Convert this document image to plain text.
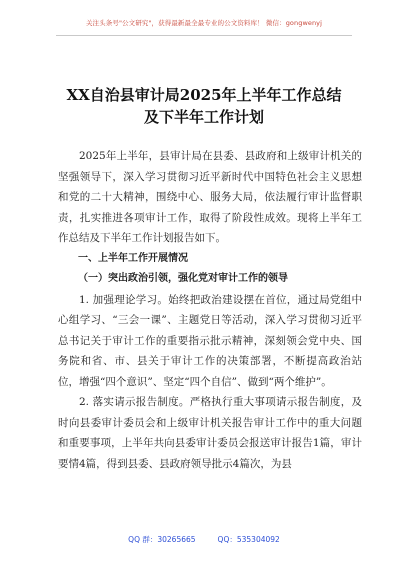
关注头条号"公文研究"，获得最新最全最专业的公文资料库！ 微信：gongwenyj
XX自治县审计局2025年上半年工作总结
及下半年工作计划

2025年上半年，县审计局在县委、县政府和上级审计机关的坚强领导下，深入学习贯彻习近平新时代中国特色社会主义思想和党的二十大精神，围绕中心、服务大局，依法履行审计监督职责，扎实推进各项审计工作，取得了阶段性成效。现将上半年工作总结及下半年工作计划报告如下。

一、上半年工作开展情况

（一）突出政治引领，强化党对审计工作的领导

1. 加强理论学习。始终把政治建设摆在首位，通过局党组中心组学习、“三会一课”、主题党日等活动，深入学习贯彻习近平总书记关于审计工作的重要指示批示精神，深刻领会党中央、国务院和省、市、县关于审计工作的决策部署，不断提高政治站位，增强“四个意识”、坚定“四个自信”、做到“两个维护”。

2. 落实请示报告制度。严格执行重大事项请示报告制度，及时向县委审计委员会和上级审计机关报告审计工作中的重大问题和重要事项，上半年共向县委审计委员会报送审计报告1篇，审计要情4篇，得到县委、县政府领导批示4篇次，为县

QQ 群：30265665	QQ：535304092
